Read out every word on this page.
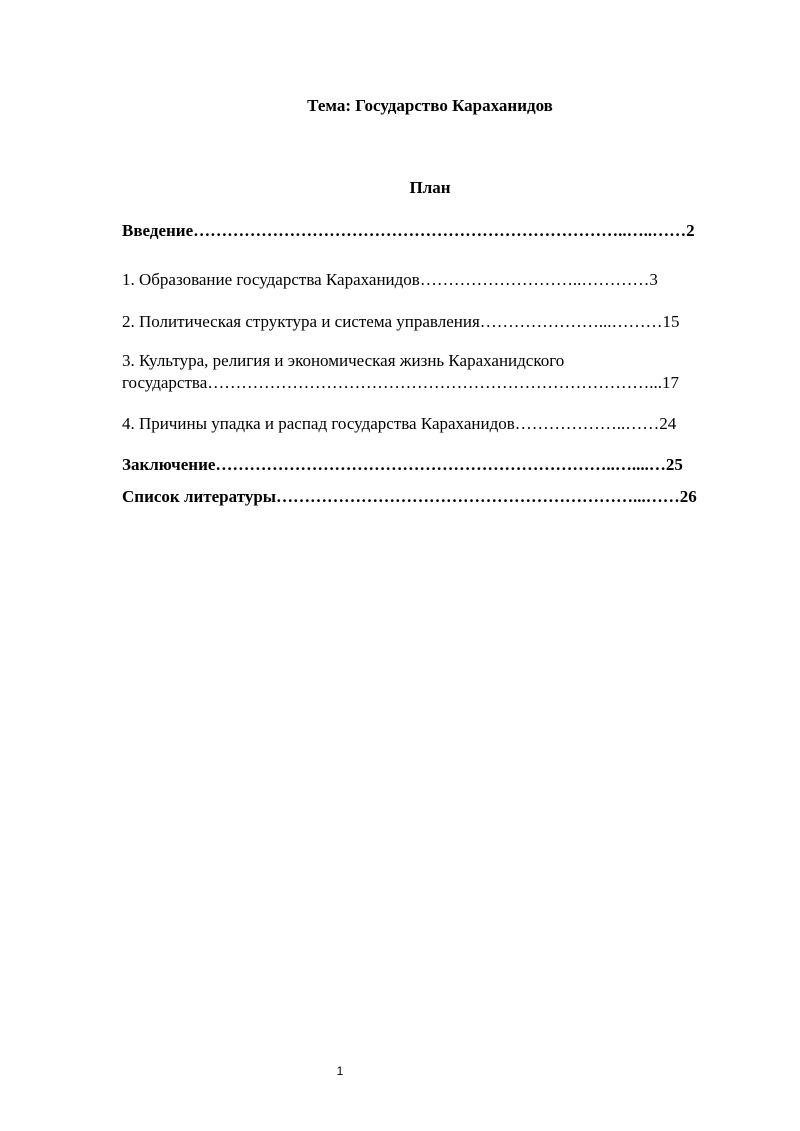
Тема: Государство Караханидов
План

Введение…………………………………………………………………..…..……2

1. Образование государства Караханидов………………………..…………3

2. Политическая структура и система управления…………………...………15

3. Культура, религия и экономическая жизнь Караханидского

государства……………………………………………………………………...17

4. Причины упадка и распад государства Караханидов………………..……24

Заключение……………………………………………………………..…....…25

Список литературы………………………………………………………...……26

1
